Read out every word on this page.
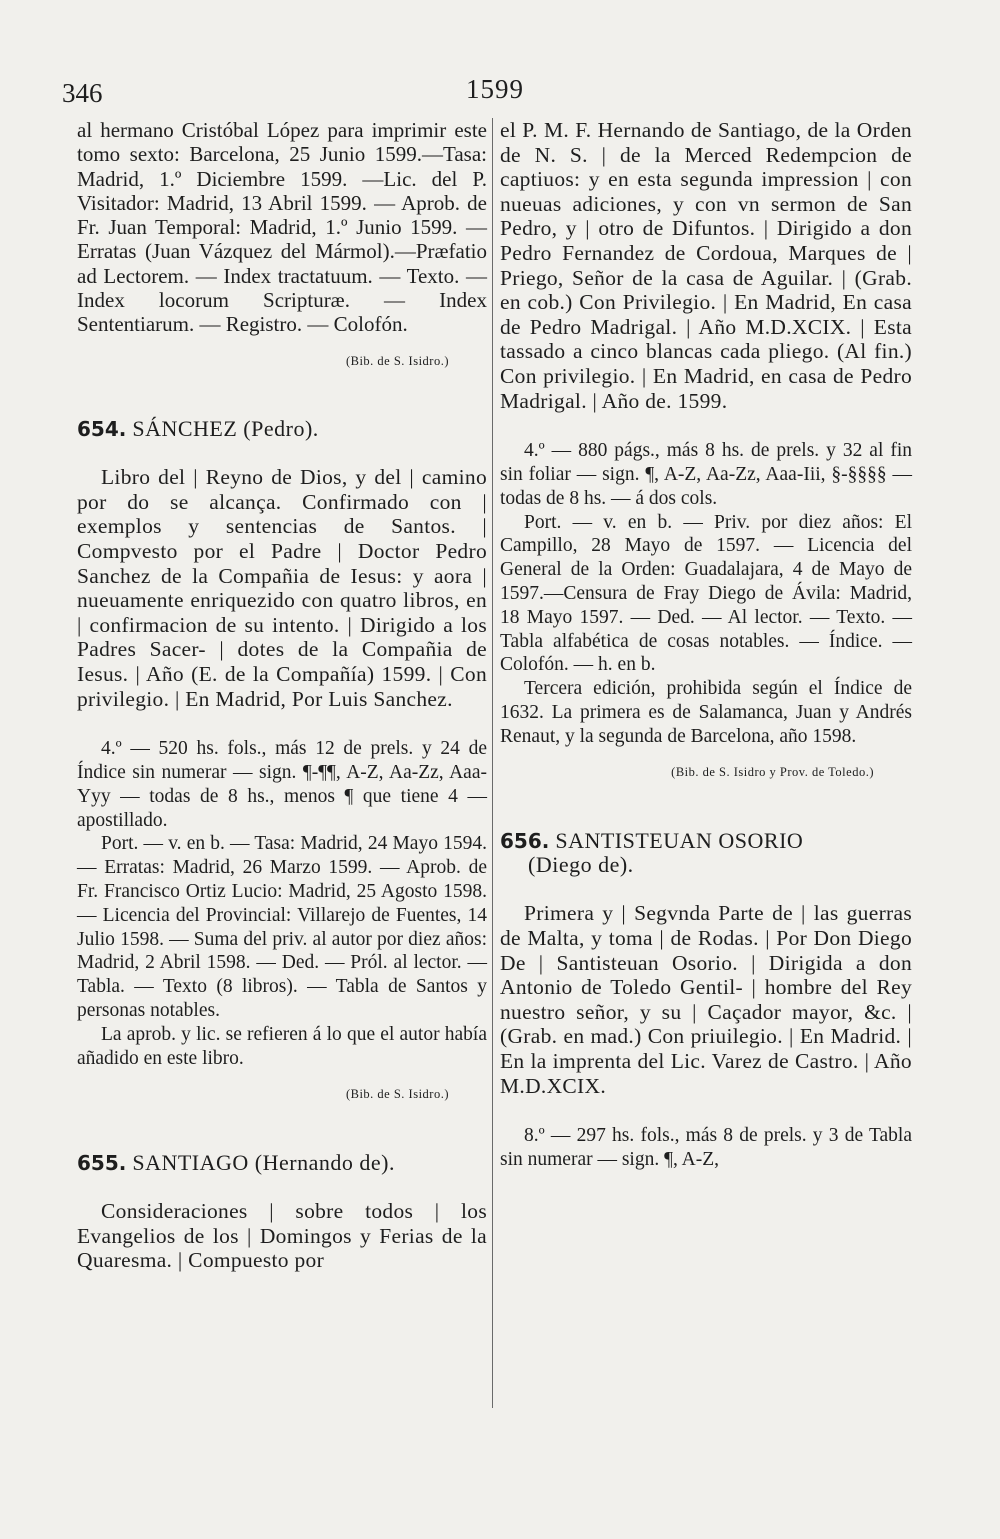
346	1599

al hermano Cristóbal López para imprimir este tomo sexto: Barcelona, 25 Junio 1599.—Tasa: Madrid, 1.º Diciembre 1599. —Lic. del P. Visitador: Madrid, 13 Abril 1599. — Aprob. de Fr. Juan Temporal: Madrid, 1.º Junio 1599. — Erratas (Juan Vázquez del Mármol).—Præfatio ad Lectorem. — Index tractatuum. — Texto. — Index locorum Scripturæ. — Index Sententiarum. — Registro. — Colofón.

(Bib. de S. Isidro.)
654. SÁNCHEZ (Pedro).

Libro del | Reyno de Dios, y del | camino por do se alcança. Confirmado con | exemplos y sentencias de Santos. | Compvesto por el Padre | Doctor Pedro Sanchez de la Compañia de Iesus: y aora | nueuamente enriquezido con quatro libros, en | confirmacion de su intento. | Dirigido a los Padres Sacer- | dotes de la Compañia de Iesus. | Año (E. de la Compañía) 1599. | Con privilegio. | En Madrid, Por Luis Sanchez.

4.º — 520 hs. fols., más 12 de prels. y 24 de Índice sin numerar — sign. ¶-¶¶, A-Z, Aa-Zz, Aaa-Yyy — todas de 8 hs., menos ¶ que tiene 4 — apostillado.

Port. — v. en b. — Tasa: Madrid, 24 Mayo 1594. — Erratas: Madrid, 26 Marzo 1599. — Aprob. de Fr. Francisco Ortiz Lucio: Madrid, 25 Agosto 1598. — Licencia del Provincial: Villarejo de Fuentes, 14 Julio 1598. — Suma del priv. al autor por diez años: Madrid, 2 Abril 1598. — Ded. — Pról. al lector. — Tabla. — Texto (8 libros). — Tabla de Santos y personas notables.

La aprob. y lic. se refieren á lo que el autor había añadido en este libro.

(Bib. de S. Isidro.)
655. SANTIAGO (Hernando de).

Consideraciones | sobre todos | los Evangelios de los | Domingos y Ferias de la Quaresma. | Compuesto por

el P. M. F. Hernando de Santiago, de la Orden de N. S. | de la Merced Redempcion de captiuos: y en esta segunda impression | con nueuas adiciones, y con vn sermon de San Pedro, y | otro de Difuntos. | Dirigido a don Pedro Fernandez de Cordoua, Marques de | Priego, Señor de la casa de Aguilar. | (Grab. en cob.) Con Privilegio. | En Madrid, En casa de Pedro Madrigal. | Año M.D.XCIX. | Esta tassado a cinco blancas cada pliego. (Al fin.) Con privilegio. | En Madrid, en casa de Pedro Madrigal. | Año de. 1599.

4.º — 880 págs., más 8 hs. de prels. y 32 al fin sin foliar — sign. ¶, A-Z, Aa-Zz, Aaa-Iii, §-§§§§ — todas de 8 hs. — á dos cols.

Port. — v. en b. — Priv. por diez años: El Campillo, 28 Mayo de 1597. — Licencia del General de la Orden: Guadalajara, 4 de Mayo de 1597.—Censura de Fray Diego de Ávila: Madrid, 18 Mayo 1597. — Ded. — Al lector. — Texto. — Tabla alfabética de cosas notables. — Índice. — Colofón. — h. en b.

Tercera edición, prohibida según el Índice de 1632. La primera es de Salamanca, Juan y Andrés Renaut, y la segunda de Barcelona, año 1598.

(Bib. de S. Isidro y Prov. de Toledo.)
656. SANTISTEUAN OSORIO
(Diego de).

Primera y | Segvnda Parte de | las guerras de Malta, y toma | de Rodas. | Por Don Diego De | Santisteuan Osorio. | Dirigida a don Antonio de Toledo Gentil- | hombre del Rey nuestro señor, y su | Caçador mayor, &c. | (Grab. en mad.) Con priuilegio. | En Madrid. | En la imprenta del Lic. Varez de Castro. | Año M.D.XCIX.

8.º — 297 hs. fols., más 8 de prels. y 3 de Tabla sin numerar — sign. ¶, A-Z,
